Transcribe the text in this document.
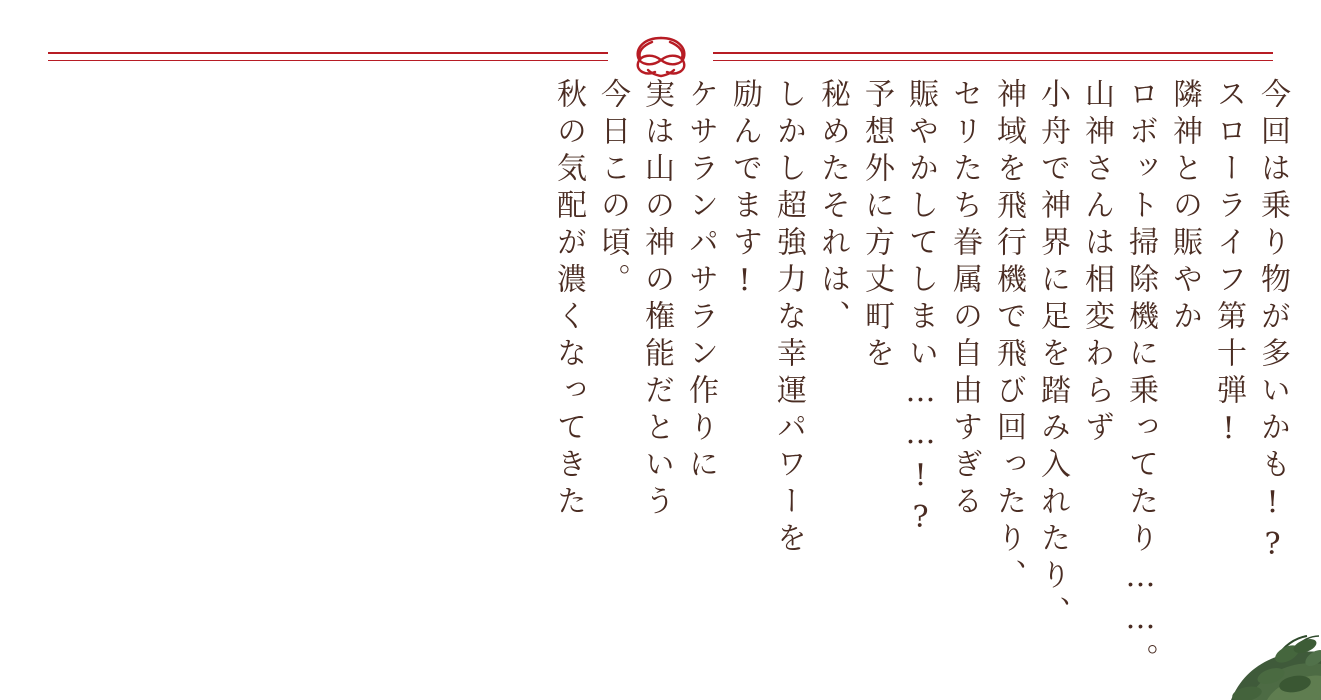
秋の気配が濃くなってきた 今日この頃。 実は山の神の権能だという ケサランパサラン作りに 励んでます! しかし超強力な幸運パワーを 秘めたそれは、 予想外に方丈町を 賑やかしてしまい……!? セリたち眷属の自由すぎる 神域を飛行機で飛び回ったり、 小舟で神界に足を踏み入れたり、 山神さんは相変わらず ロボット掃除機に乗ってたり……。 隣神との賑やか スローライフ第十弾! 今回は乗り物が多いかも!?
